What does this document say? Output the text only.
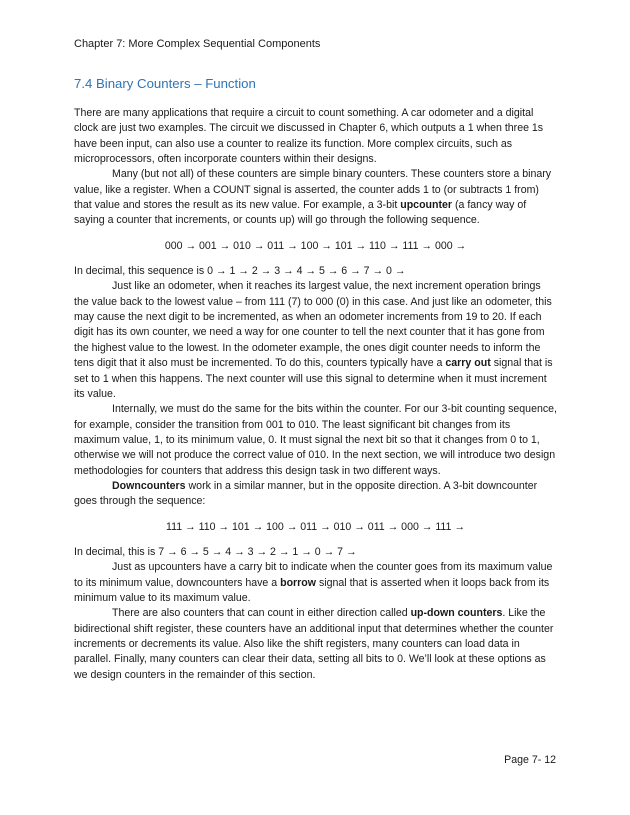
Chapter 7: More Complex Sequential Components
7.4 Binary Counters – Function

There are many applications that require a circuit to count something. A car odometer and a digital clock are just two examples. The circuit we discussed in Chapter 6, which outputs a 1 when three 1s have been input, can also use a counter to realize its function. More complex circuits, such as microprocessors, often incorporate counters within their designs.

Many (but not all) of these counters are simple binary counters. These counters store a binary value, like a register. When a COUNT signal is asserted, the counter adds 1 to (or subtracts 1 from) that value and stores the result as its new value. For example, a 3-bit upcounter (a fancy way of saying a counter that increments, or counts up) will go through the following sequence.

000 → 001 → 010 → 011 → 100 → 101 → 110 → 111 → 000 →

In decimal, this sequence is 0 → 1 → 2 → 3 → 4 → 5 → 6 → 7 → 0 →

Just like an odometer, when it reaches its largest value, the next increment operation brings the value back to the lowest value – from 111 (7) to 000 (0) in this case. And just like an odometer, this may cause the next digit to be incremented, as when an odometer increments from 19 to 20. If each digit has its own counter, we need a way for one counter to tell the next counter that it has gone from the highest value to the lowest. In the odometer example, the ones digit counter needs to inform the tens digit that it also must be incremented. To do this, counters typically have a carry out signal that is set to 1 when this happens. The next counter will use this signal to determine when it must increment its value.

Internally, we must do the same for the bits within the counter. For our 3-bit counting sequence, for example, consider the transition from 001 to 010. The least significant bit changes from its maximum value, 1, to its minimum value, 0. It must signal the next bit so that it changes from 0 to 1, otherwise we will not produce the correct value of 010. In the next section, we will introduce two design methodologies for counters that address this design task in two different ways.

Downcounters work in a similar manner, but in the opposite direction. A 3-bit downcounter goes through the sequence:

111 → 110 → 101 → 100 → 011 → 010 → 011 → 000 → 111 →

In decimal, this is 7 → 6 → 5 → 4 → 3 → 2 → 1 → 0 → 7 →

Just as upcounters have a carry bit to indicate when the counter goes from its maximum value to its minimum value, downcounters have a borrow signal that is asserted when it loops back from its minimum value to its maximum value.

There are also counters that can count in either direction called up-down counters. Like the bidirectional shift register, these counters have an additional input that determines whether the counter increments or decrements its value. Also like the shift registers, many counters can load data in parallel. Finally, many counters can clear their data, setting all bits to 0. We’ll look at these options as we design counters in the remainder of this section.

Page 7- 12
